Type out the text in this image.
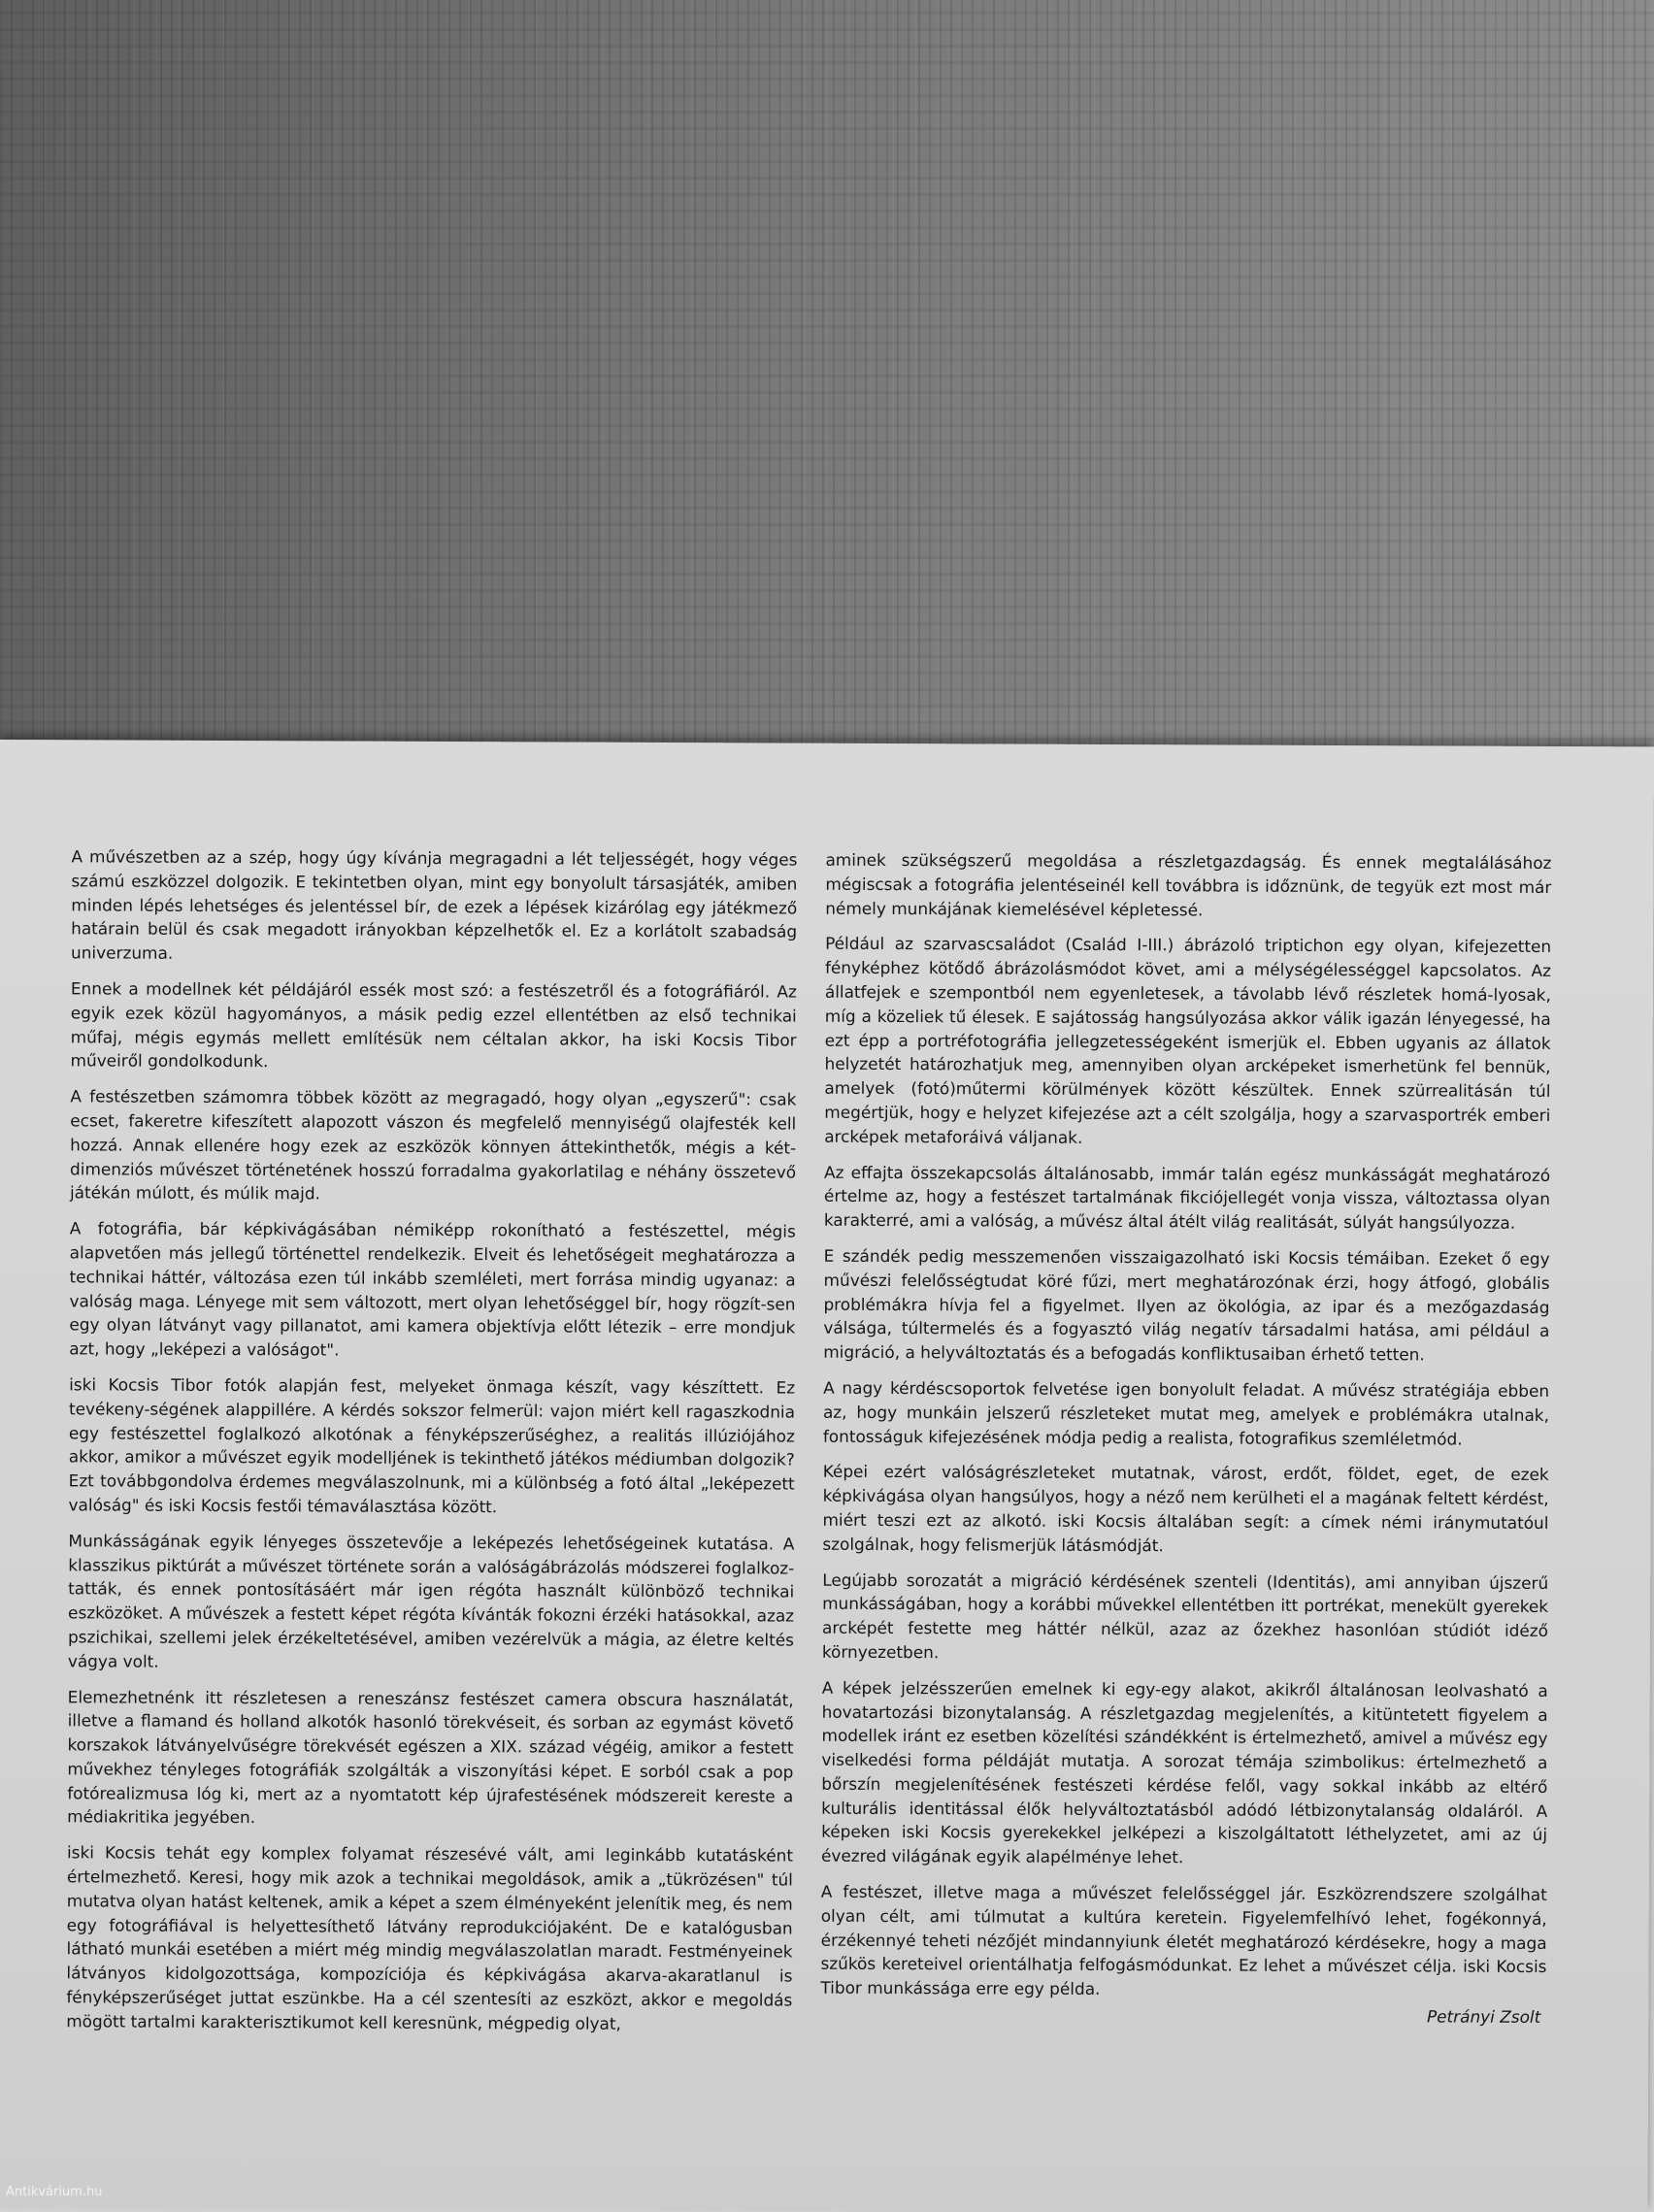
A művészetben az a szép, hogy úgy kívánja megragadni a lét teljességét, hogy véges számú eszközzel dolgozik. E tekintetben olyan, mint egy bonyolult társasjáték, amiben minden lépés lehetséges és jelentéssel bír, de ezek a lépések kizárólag egy játékmező határain belül és csak megadott irányokban képzelhetők el. Ez a korlátolt szabadság univerzuma.

Ennek a modellnek két példájáról essék most szó: a festészetről és a fotográfiáról. Az egyik ezek közül hagyományos, a másik pedig ezzel ellentétben az első technikai műfaj, mégis egymás mellett említésük nem céltalan akkor, ha iski Kocsis Tibor műveiről gondolkodunk.

A festészetben számomra többek között az megragadó, hogy olyan „egyszerű": csak ecset, fakeretre kifeszített alapozott vászon és megfelelő mennyiségű olajfesték kell hozzá. Annak ellenére hogy ezek az eszközök könnyen áttekinthetők, mégis a két-dimenziós művészet történetének hosszú forradalma gyakorlatilag e néhány összetevő játékán múlott, és múlik majd.

A fotográfia, bár képkivágásában némiképp rokonítható a festészettel, mégis alapvetően más jellegű történettel rendelkezik. Elveit és lehetőségeit meghatározza a technikai háttér, változása ezen túl inkább szemléleti, mert forrása mindig ugyanaz: a valóság maga. Lényege mit sem változott, mert olyan lehetőséggel bír, hogy rögzít-sen egy olyan látványt vagy pillanatot, ami kamera objektívja előtt létezik – erre mondjuk azt, hogy „leképezi a valóságot".

iski Kocsis Tibor fotók alapján fest, melyeket önmaga készít, vagy készíttett. Ez tevékeny-ségének alappillére. A kérdés sokszor felmerül: vajon miért kell ragaszkodnia egy festészettel foglalkozó alkotónak a fényképszerűséghez, a realitás illúziójához akkor, amikor a művészet egyik modelljének is tekinthető játékos médiumban dolgozik? Ezt továbbgondolva érdemes megválaszolnunk, mi a különbség a fotó által „leképezett valóság" és iski Kocsis festői témaválasztása között.

Munkásságának egyik lényeges összetevője a leképezés lehetőségeinek kutatása. A klasszikus piktúrát a művészet története során a valóságábrázolás módszerei foglalkoz-tatták, és ennek pontosításáért már igen régóta használt különböző technikai eszközöket. A művészek a festett képet régóta kívánták fokozni érzéki hatásokkal, azaz pszichikai, szellemi jelek érzékeltetésével, amiben vezérelvük a mágia, az életre keltés vágya volt.

Elemezhetnénk itt részletesen a reneszánsz festészet camera obscura használatát, illetve a flamand és holland alkotók hasonló törekvéseit, és sorban az egymást követő korszakok látványelvűségre törekvését egészen a XIX. század végéig, amikor a festett művekhez tényleges fotográfiák szolgálták a viszonyítási képet. E sorból csak a pop fotórealizmusa lóg ki, mert az a nyomtatott kép újrafestésének módszereit kereste a médiakritika jegyében.

iski Kocsis tehát egy komplex folyamat részesévé vált, ami leginkább kutatásként értelmezhető. Keresi, hogy mik azok a technikai megoldások, amik a „tükrözésen" túl mutatva olyan hatást keltenek, amik a képet a szem élményeként jelenítik meg, és nem egy fotográfiával is helyettesíthető látvány reprodukciójaként. De e katalógusban látható munkái esetében a miért még mindig megválaszolatlan maradt. Festményeinek látványos kidolgozottsága, kompozíciója és képkivágása akarva-akaratlanul is fényképszerűséget juttat eszünkbe. Ha a cél szentesíti az eszközt, akkor e megoldás mögött tartalmi karakterisztikumot kell keresnünk, mégpedig olyat,

aminek szükségszerű megoldása a részletgazdagság. És ennek megtalálásához mégiscsak a fotográfia jelentéseinél kell továbbra is időznünk, de tegyük ezt most már némely munkájának kiemelésével képletessé.

Például az szarvascsaládot (Család I-III.) ábrázoló triptichon egy olyan, kifejezetten fényképhez kötődő ábrázolásmódot követ, ami a mélységélességgel kapcsolatos. Az állatfejek e szempontból nem egyenletesek, a távolabb lévő részletek homá-lyosak, míg a közeliek tű élesek. E sajátosság hangsúlyozása akkor válik igazán lényegessé, ha ezt épp a portréfotográfia jellegzetességeként ismerjük el. Ebben ugyanis az állatok helyzetét határozhatjuk meg, amennyiben olyan arcképeket ismerhetünk fel bennük, amelyek (fotó)műtermi körülmények között készültek. Ennek szürrealitásán túl megértjük, hogy e helyzet kifejezése azt a célt szolgálja, hogy a szarvasportrék emberi arcképek metaforáivá váljanak.

Az effajta összekapcsolás általánosabb, immár talán egész munkásságát meghatározó értelme az, hogy a festészet tartalmának fikciójellegét vonja vissza, változtassa olyan karakterré, ami a valóság, a művész által átélt világ realitását, súlyát hangsúlyozza.

E szándék pedig messzemenően visszaigazolható iski Kocsis témáiban. Ezeket ő egy művészi felelősségtudat köré fűzi, mert meghatározónak érzi, hogy átfogó, globális problémákra hívja fel a figyelmet. Ilyen az ökológia, az ipar és a mezőgazdaság válsága, túltermelés és a fogyasztó világ negatív társadalmi hatása, ami például a migráció, a helyváltoztatás és a befogadás konfliktusaiban érhető tetten.

A nagy kérdéscsoportok felvetése igen bonyolult feladat. A művész stratégiája ebben az, hogy munkáin jelszerű részleteket mutat meg, amelyek e problémákra utalnak, fontosságuk kifejezésének módja pedig a realista, fotografikus szemléletmód.

Képei ezért valóságrészleteket mutatnak, várost, erdőt, földet, eget, de ezek képkivágása olyan hangsúlyos, hogy a néző nem kerülheti el a magának feltett kérdést, miért teszi ezt az alkotó. iski Kocsis általában segít: a címek némi iránymutatóul szolgálnak, hogy felismerjük látásmódját.

Legújabb sorozatát a migráció kérdésének szenteli (Identitás), ami annyiban újszerű munkásságában, hogy a korábbi művekkel ellentétben itt portrékat, menekült gyerekek arcképét festette meg háttér nélkül, azaz az őzekhez hasonlóan stúdiót idéző környezetben.

A képek jelzésszerűen emelnek ki egy-egy alakot, akikről általánosan leolvasható a hovatartozási bizonytalanság. A részletgazdag megjelenítés, a kitüntetett figyelem a modellek iránt ez esetben közelítési szándékként is értelmezhető, amivel a művész egy viselkedési forma példáját mutatja. A sorozat témája szimbolikus: értelmezhető a bőrszín megjelenítésének festészeti kérdése felől, vagy sokkal inkább az eltérő kulturális identitással élők helyváltoztatásból adódó létbizonytalanság oldaláról. A képeken iski Kocsis gyerekekkel jelképezi a kiszolgáltatott léthelyzetet, ami az új évezred világának egyik alapélménye lehet.

A festészet, illetve maga a művészet felelősséggel jár. Eszközrendszere szolgálhat olyan célt, ami túlmutat a kultúra keretein. Figyelemfelhívó lehet, fogékonnyá, érzékennyé teheti nézőjét mindannyiunk életét meghatározó kérdésekre, hogy a maga szűkös kereteivel orientálhatja felfogásmódunkat. Ez lehet a művészet célja. iski Kocsis Tibor munkássága erre egy példa.

Petrányi Zsolt

Antikvárium.hu
